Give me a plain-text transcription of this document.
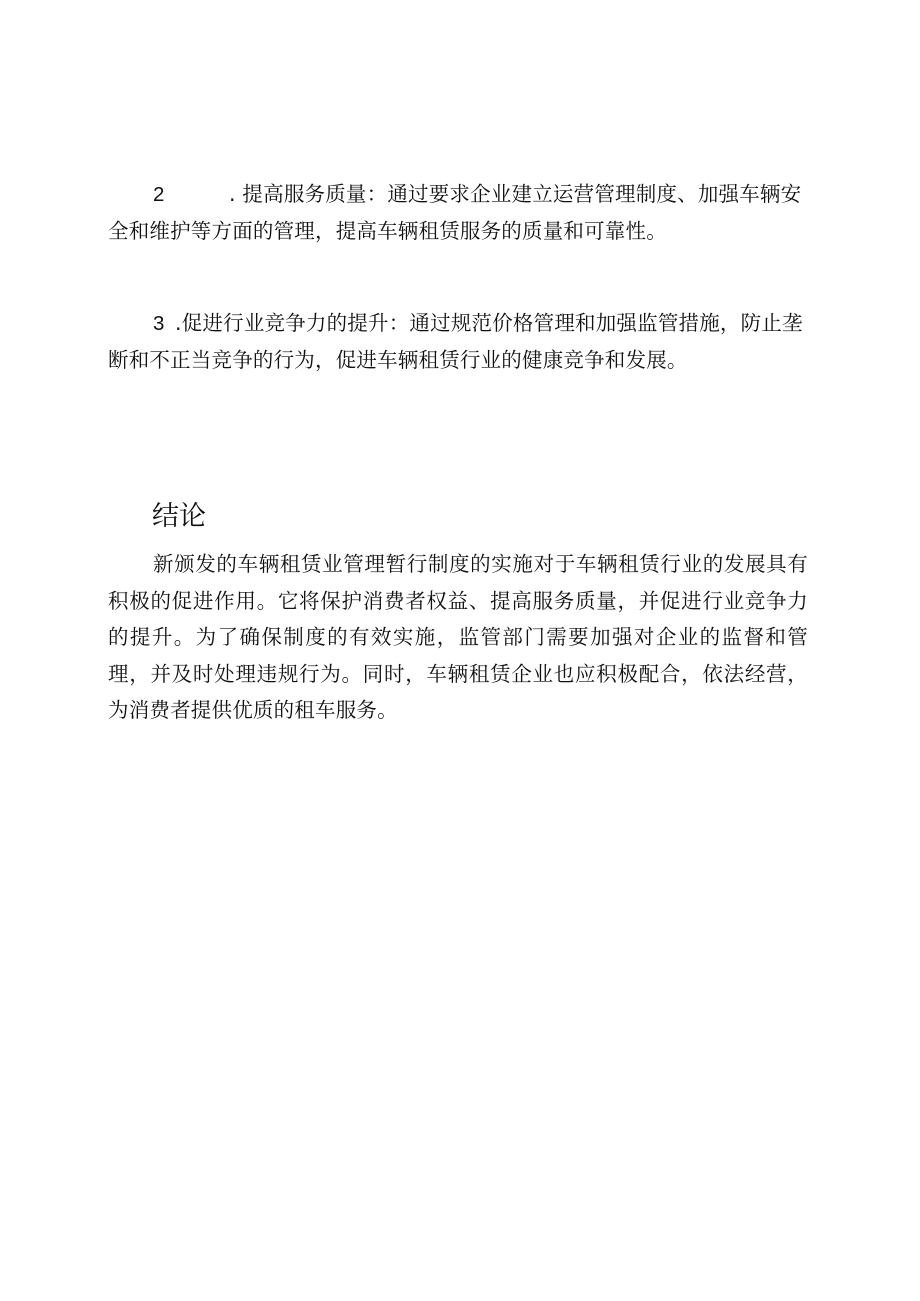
2	. 提高服务质量：通过要求企业建立运营管理制度、加强车辆安全和维护等方面的管理，提高车辆租赁服务的质量和可靠性。
3 .促进行业竞争力的提升：通过规范价格管理和加强监管措施，防止垄断和不正当竞争的行为，促进车辆租赁行业的健康竞争和发展。
结论

新颁发的车辆租赁业管理暂行制度的实施对于车辆租赁行业的发展具有积极的促进作用。它将保护消费者权益、提高服务质量，并促进行业竞争力的提升。为了确保制度的有效实施，监管部门需要加强对企业的监督和管理，并及时处理违规行为。同时，车辆租赁企业也应积极配合，依法经营，为消费者提供优质的租车服务。
